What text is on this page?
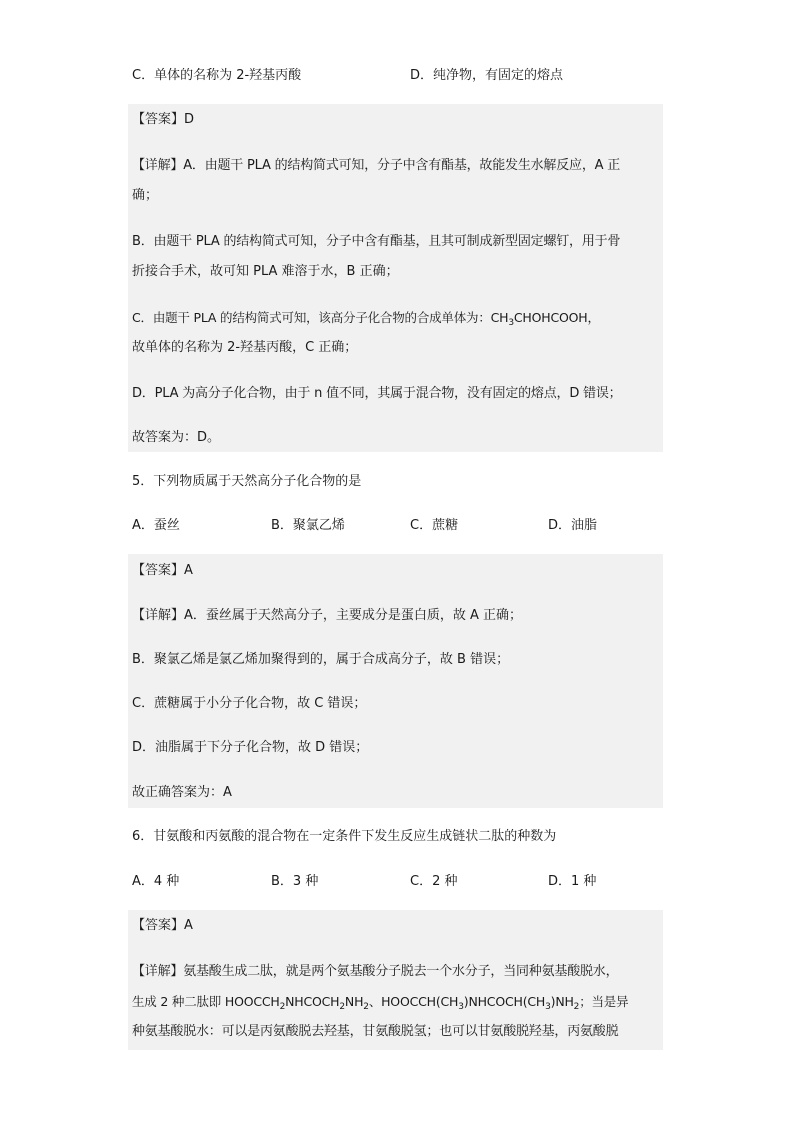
C．单体的名称为 2-羟基丙酸	D．纯净物，有固定的熔点
【答案】D
【详解】A．由题干 PLA 的结构简式可知，分子中含有酯基，故能发生水解反应，A 正
确；
B．由题干 PLA 的结构简式可知，分子中含有酯基，且其可制成新型固定螺钉，用于骨
折接合手术，故可知 PLA 难溶于水，B 正确；
C．由题干 PLA 的结构简式可知，该高分子化合物的合成单体为：$CH_3CHOHCOOH$，
故单体的名称为 2-羟基丙酸，C 正确；
D．PLA 为高分子化合物，由于 n 值不同，其属于混合物，没有固定的熔点，D 错误；
故答案为：D。
5．下列物质属于天然高分子化合物的是
A．蚕丝	B．聚氯乙烯	C．蔗糖	D．油脂
【答案】A
【详解】A．蚕丝属于天然高分子，主要成分是蛋白质，故 A 正确；
B．聚氯乙烯是氯乙烯加聚得到的，属于合成高分子，故 B 错误；
C．蔗糖属于小分子化合物，故 C 错误；
D．油脂属于下分子化合物，故 D 错误；
故正确答案为：A
6．甘氨酸和丙氨酸的混合物在一定条件下发生反应生成链状二肽的种数为
A．4 种	B．3 种	C．2 种	D．1 种
【答案】A
【详解】氨基酸生成二肽，就是两个氨基酸分子脱去一个水分子，当同种氨基酸脱水，
生成 2 种二肽即 $HOOCCH_2NHCOCH_2NH_2$、$HOOCCH(CH_3)NHCOCH(CH_3)NH_2$；当是异
种氨基酸脱水：可以是丙氨酸脱去羟基，甘氨酸脱氢；也可以甘氨酸脱羟基，丙氨酸脱
